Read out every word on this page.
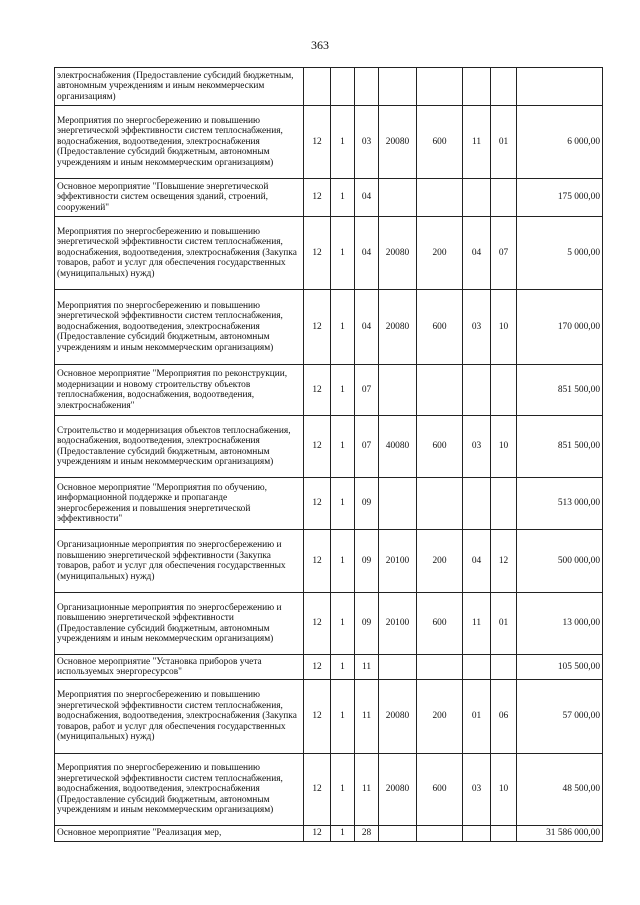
363
электроснабжения (Предоставление субсидий бюджетным, автономным учреждениям и иным некоммерческим организациям)								
Мероприятия по энергосбережению и повышению энергетической эффективности систем теплоснабжения, водоснабжения, водоотведения, электроснабжения (Предоставление субсидий бюджетным, автономным учреждениям и иным некоммерческим организациям)	12	1	03	20080	600	11	01	6 000,00
Основное мероприятие "Повышение энергетической эффективности систем освещения зданий, строений, сооружений"	12	1	04					175 000,00
Мероприятия по энергосбережению и повышению энергетической эффективности систем теплоснабжения, водоснабжения, водоотведения, электроснабжения (Закупка товаров, работ и услуг для обеспечения государственных (муниципальных) нужд)	12	1	04	20080	200	04	07	5 000,00
Мероприятия по энергосбережению и повышению энергетической эффективности систем теплоснабжения, водоснабжения, водоотведения, электроснабжения (Предоставление субсидий бюджетным, автономным учреждениям и иным некоммерческим организациям)	12	1	04	20080	600	03	10	170 000,00
Основное мероприятие "Мероприятия по реконструкции, модернизации и новому строительству объектов теплоснабжения, водоснабжения, водоотведения, электроснабжения"	12	1	07					851 500,00
Строительство и модернизация объектов теплоснабжения, водоснабжения, водоотведения, электроснабжения (Предоставление субсидий бюджетным, автономным учреждениям и иным некоммерческим организациям)	12	1	07	40080	600	03	10	851 500,00
Основное мероприятие "Мероприятия по обучению, информационной поддержке и пропаганде энергосбережения и повышения энергетической эффективности"	12	1	09					513 000,00
Организационные мероприятия по энергосбережению и повышению энергетической эффективности (Закупка товаров, работ и услуг для обеспечения государственных (муниципальных) нужд)	12	1	09	20100	200	04	12	500 000,00
Организационные мероприятия по энергосбережению и повышению энергетической эффективности (Предоставление субсидий бюджетным, автономным учреждениям и иным некоммерческим организациям)	12	1	09	20100	600	11	01	13 000,00
Основное мероприятие "Установка приборов учета используемых энергоресурсов"	12	1	11					105 500,00
Мероприятия по энергосбережению и повышению энергетической эффективности систем теплоснабжения, водоснабжения, водоотведения, электроснабжения (Закупка товаров, работ и услуг для обеспечения государственных (муниципальных) нужд)	12	1	11	20080	200	01	06	57 000,00
Мероприятия по энергосбережению и повышению энергетической эффективности систем теплоснабжения, водоснабжения, водоотведения, электроснабжения (Предоставление субсидий бюджетным, автономным учреждениям и иным некоммерческим организациям)	12	1	11	20080	600	03	10	48 500,00
Основное мероприятие "Реализация мер,	12	1	28					31 586 000,00
